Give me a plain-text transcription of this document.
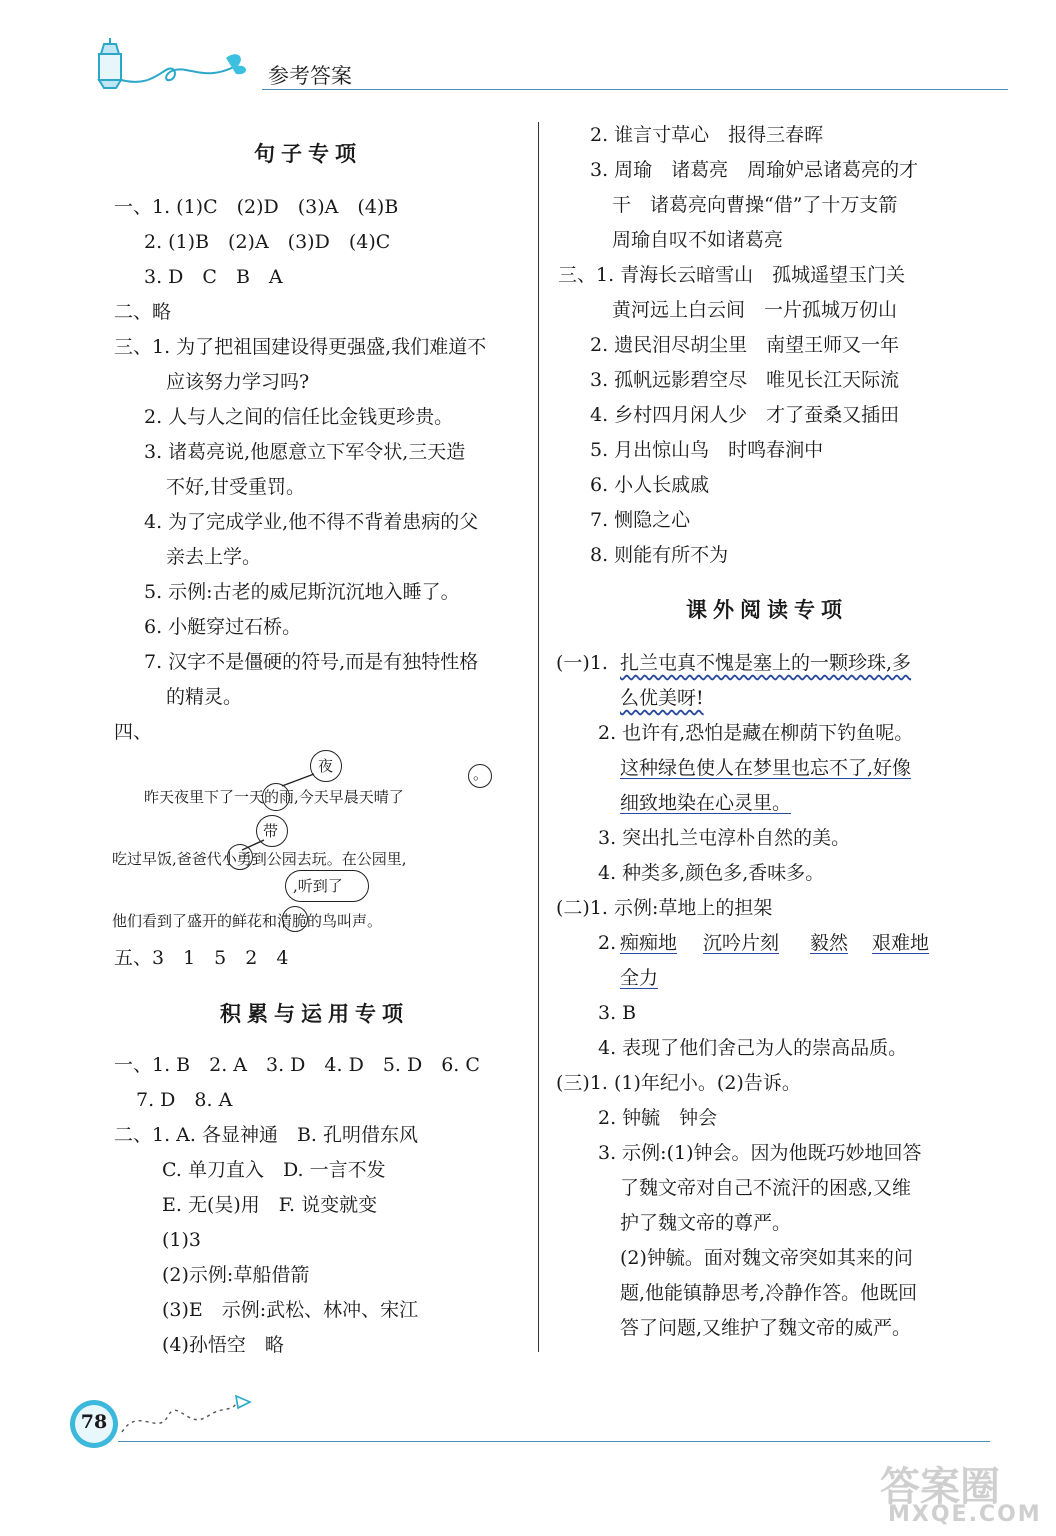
参考答案
句子专项
一、1. (1)C　(2)D　(3)A　(4)B
2. (1)B　(2)A　(3)D　(4)C
3. D　C　B　A
二、略
三、1. 为了把祖国建设得更强盛,我们难道不
应该努力学习吗?
2. 人与人之间的信任比金钱更珍贵。
3. 诸葛亮说,他愿意立下军令状,三天造
不好,甘受重罚。
4. 为了完成学业,他不得不背着患病的父
亲去上学。
5. 示例:古老的威尼斯沉沉地入睡了。
6. 小艇穿过石桥。
7. 汉字不是僵硬的符号,而是有独特性格
的精灵。
四、
夜	。
昨天夜里下了一天的雨,今天早晨天晴了
带
吃过早饭,爸爸代小勇到公园去玩。在公园里,
,听到了
他们看到了盛开的鲜花和清脆的鸟叫声。
五、3　1　5　2　4
积累与运用专项
一、1. B　2. A　3. D　4. D　5. D　6. C
7. D　8. A
二、1. A. 各显神通　B. 孔明借东风
C. 单刀直入　D. 一言不发
E. 无(吴)用　F. 说变就变
(1)3
(2)示例:草船借箭
(3)E　示例:武松、林冲、宋江
(4)孙悟空　略
2. 谁言寸草心　报得三春晖
3. 周瑜　诸葛亮　周瑜妒忌诸葛亮的才
干　诸葛亮向曹操“借”了十万支箭
周瑜自叹不如诸葛亮
三、1. 青海长云暗雪山　孤城遥望玉门关
黄河远上白云间　一片孤城万仞山
2. 遗民泪尽胡尘里　南望王师又一年
3. 孤帆远影碧空尽　唯见长江天际流
4. 乡村四月闲人少　才了蚕桑又插田
5. 月出惊山鸟　时鸣春涧中
6. 小人长戚戚
7. 恻隐之心
8. 则能有所不为
课外阅读专项
(一)1. 扎兰屯真不愧是塞上的一颗珍珠,多
么优美呀!
2. 也许有,恐怕是藏在柳荫下钓鱼呢。
这种绿色使人在梦里也忘不了,好像
细致地染在心灵里。
3. 突出扎兰屯淳朴自然的美。
4. 种类多,颜色多,香味多。
(二)1. 示例:草地上的担架
2. 痴痴地 沉吟片刻 毅然 艰难地
全力
3. B
4. 表现了他们舍己为人的崇高品质。
(三)1. (1)年纪小。(2)告诉。
2. 钟毓　钟会
3. 示例:(1)钟会。因为他既巧妙地回答
了魏文帝对自己不流汗的困惑,又维
护了魏文帝的尊严。
(2)钟毓。面对魏文帝突如其来的问
题,他能镇静思考,冷静作答。他既回
答了问题,又维护了魏文帝的威严。
78
答案圈
MXQE.COM
